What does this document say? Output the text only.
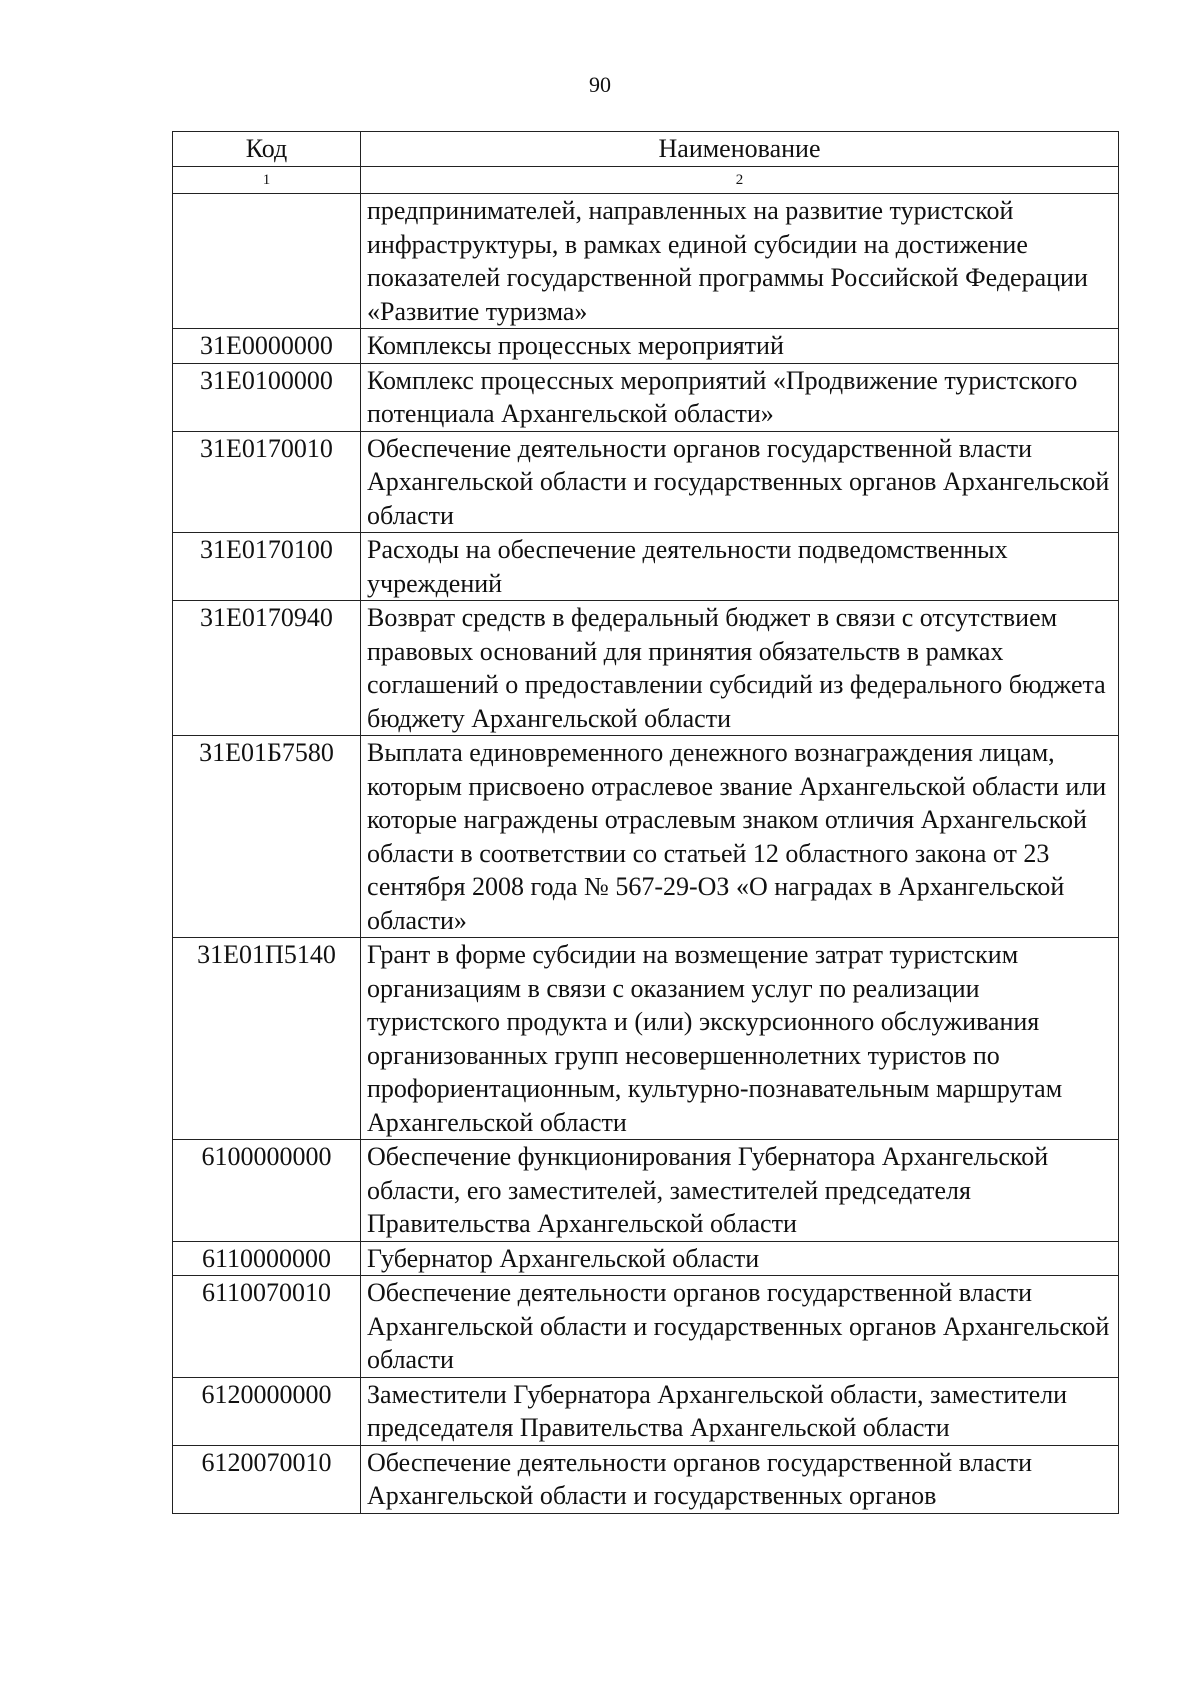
90
Код	Наименование
1	2
	предпринимателей, направленных на развитие туристской инфраструктуры, в рамках единой субсидии на достижение показателей государственной программы Российской Федерации «Развитие туризма»
31Е0000000	Комплексы процессных мероприятий
31Е0100000	Комплекс процессных мероприятий «Продвижение туристского потенциала Архангельской области»
31Е0170010	Обеспечение деятельности органов государственной власти Архангельской области и государственных органов Архангельской области
31Е0170100	Расходы на обеспечение деятельности подведомственных учреждений
31Е0170940	Возврат средств в федеральный бюджет в связи с отсутствием правовых оснований для принятия обязательств в рамках соглашений о предоставлении субсидий из федерального бюджета бюджету Архангельской области
31Е01Б7580	Выплата единовременного денежного вознаграждения лицам, которым присвоено отраслевое звание Архангельской области или которые награждены отраслевым знаком отличия Архангельской области в соответствии со статьей 12 областного закона от 23 сентября 2008 года № 567-29-ОЗ «О наградах в Архангельской области»
31Е01П5140	Грант в форме субсидии на возмещение затрат туристским организациям в связи с оказанием услуг по реализации туристского продукта и (или) экскурсионного обслуживания организованных групп несовершеннолетних туристов по профориентационным, культурно-познавательным маршрутам Архангельской области
6100000000	Обеспечение функционирования Губернатора Архангельской области, его заместителей, заместителей председателя Правительства Архангельской области
6110000000	Губернатор Архангельской области
6110070010	Обеспечение деятельности органов государственной власти Архангельской области и государственных органов Архангельской области
6120000000	Заместители Губернатора Архангельской области, заместители председателя Правительства Архангельской области
6120070010	Обеспечение деятельности органов государственной власти Архангельской области и государственных органов
